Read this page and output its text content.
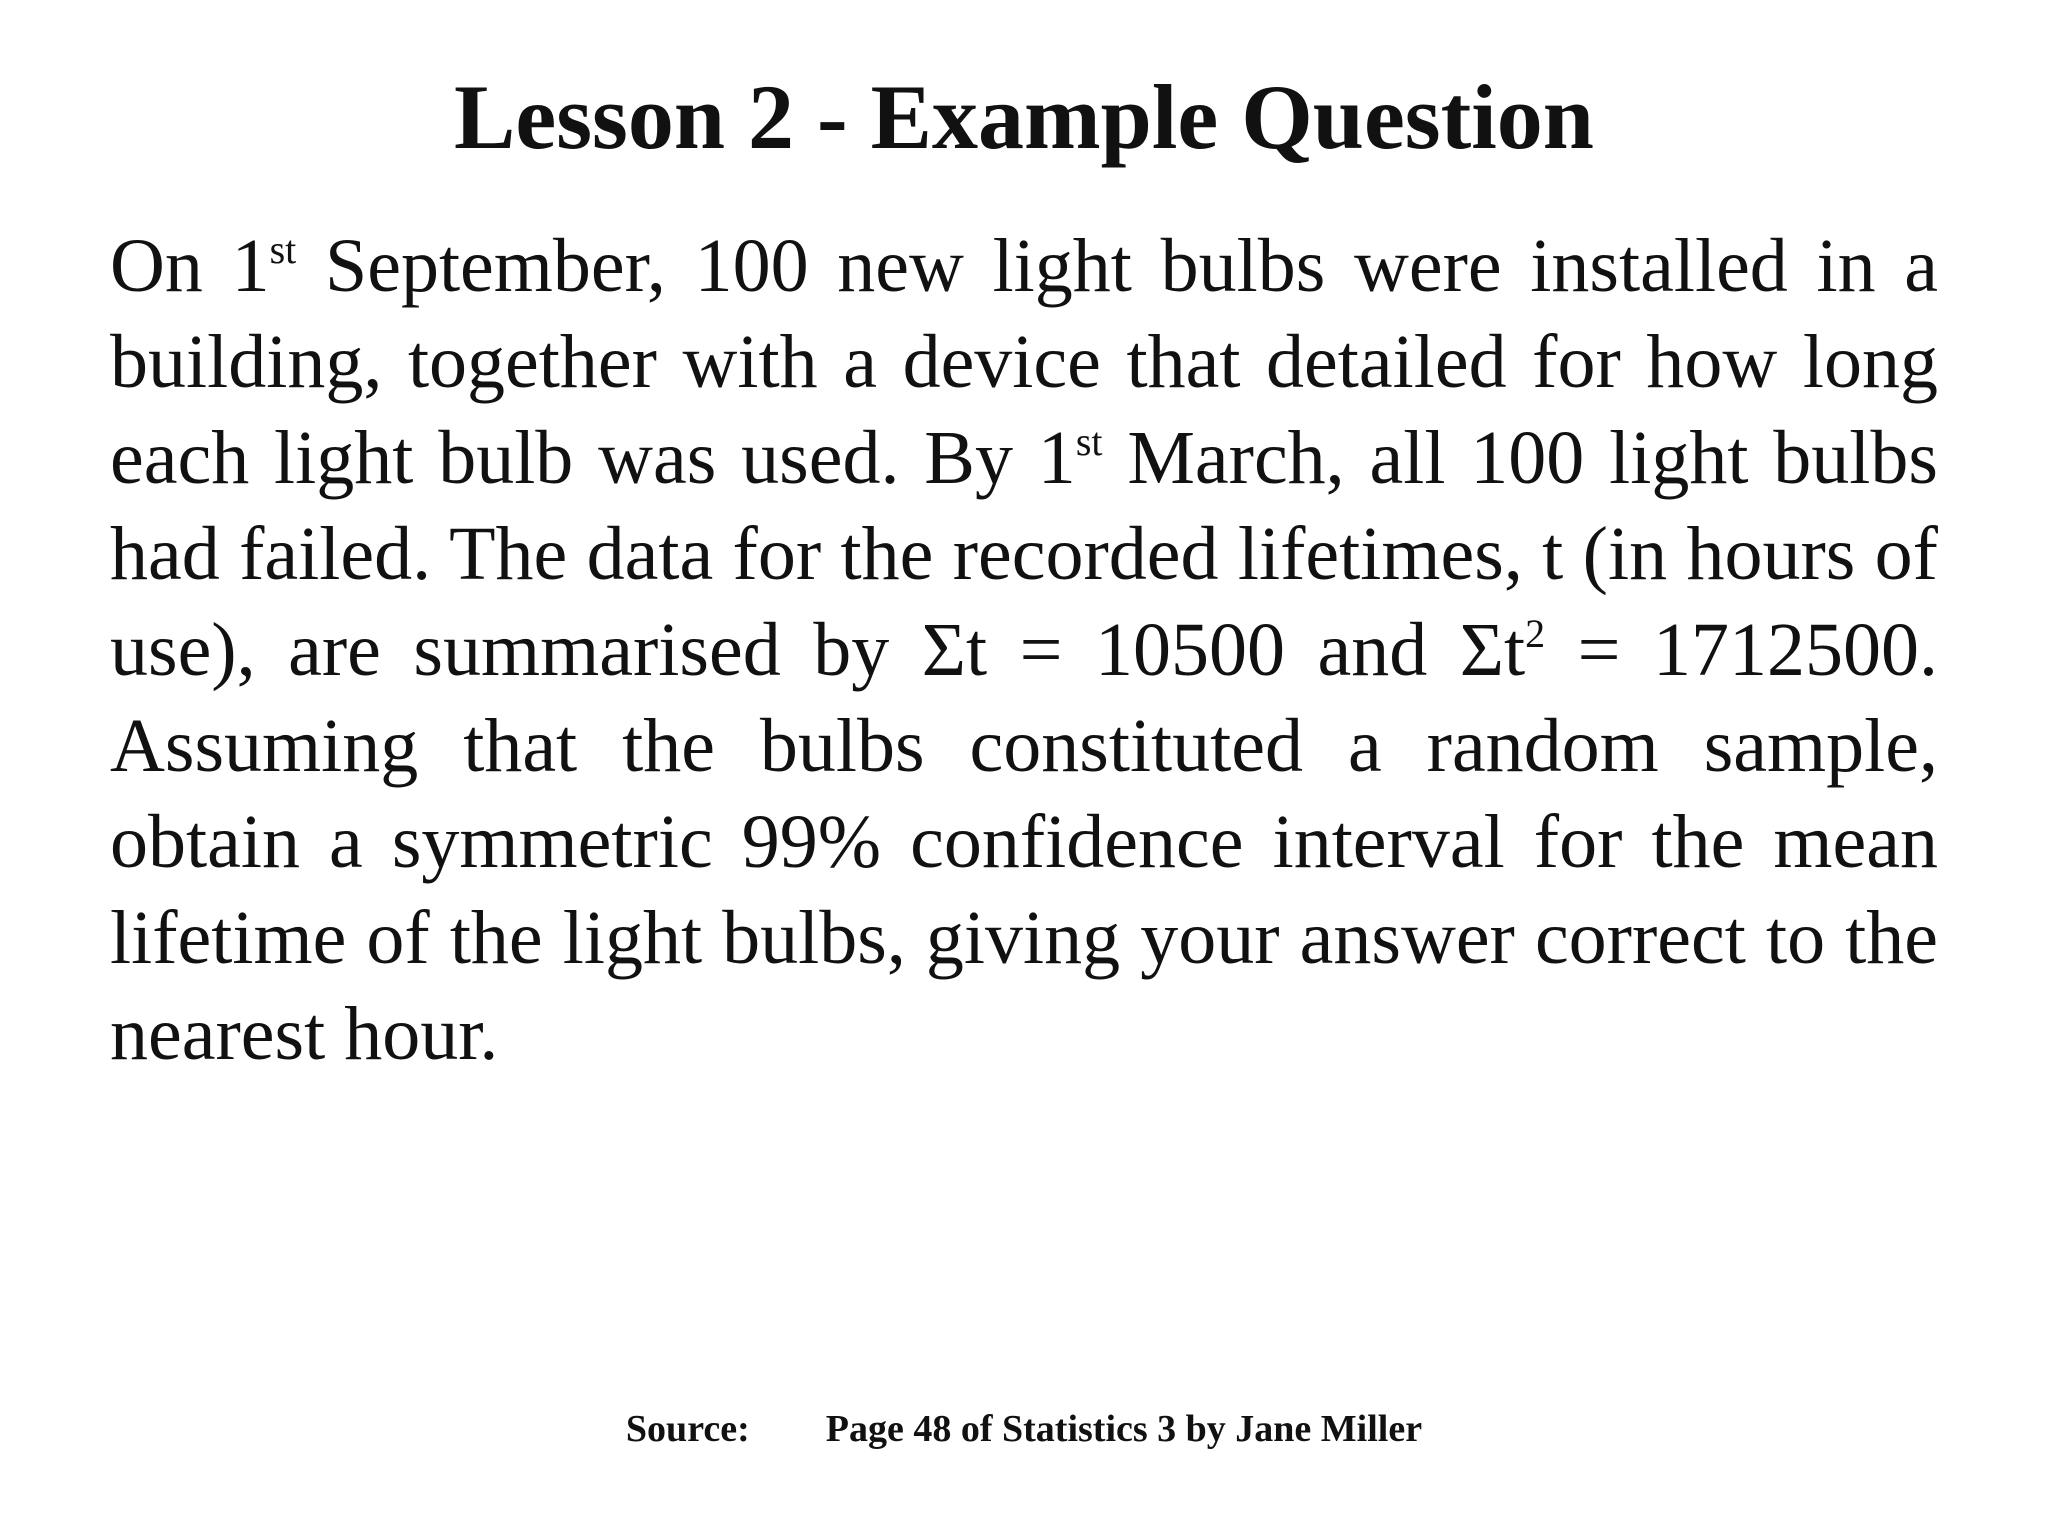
Lesson 2 - Example Question

On 1st September, 100 new light bulbs were installed in a building, together with a device that detailed for how long each light bulb was used. By 1st March, all 100 light bulbs had failed. The data for the recorded lifetimes, t (in hours of use), are summarised by Σt = 10500 and $\Sigma t^2 = 1712500$. Assuming that the bulbs constituted a random sample, obtain a symmetric 99% confidence interval for the mean lifetime of the light bulbs, giving your answer correct to the nearest hour.

Source: Page 48 of Statistics 3 by Jane Miller
